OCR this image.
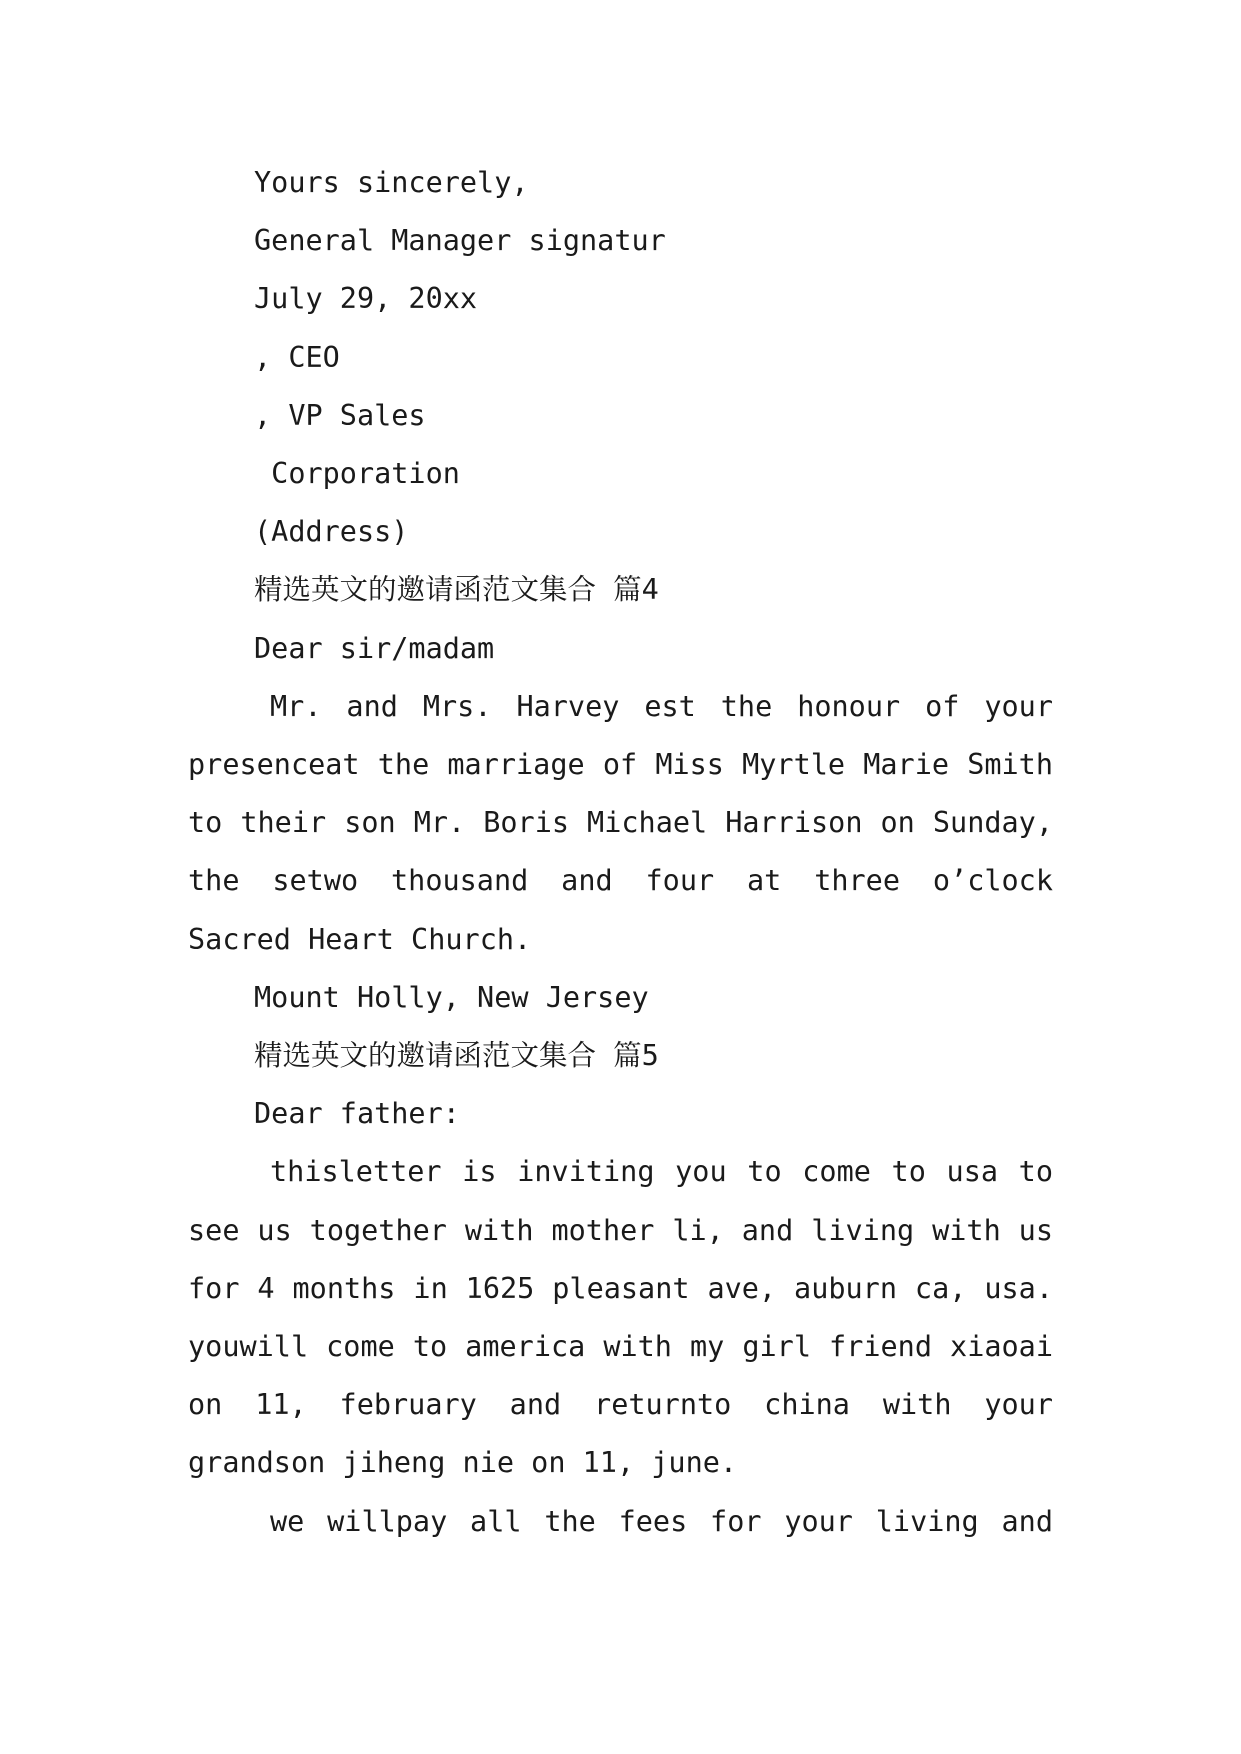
Yours sincerely,
General Manager signatur
July 29, 20xx
, CEO
, VP Sales
Corporation
(Address)
精选英文的邀请函范文集合 篇4
Dear sir/madam
Mr. and Mrs. Harvey est the honour of your presenceat the marriage of Miss Myrtle Marie Smith to their son Mr. Boris Michael Harrison on Sunday, the setwo thousand and four at three o’clock Sacred Heart Church.
Mount Holly, New Jersey
精选英文的邀请函范文集合 篇5
Dear father:
thisletter is inviting you to come to usa to see us together with mother li, and living with us for 4 months in 1625 pleasant ave, auburn ca, usa. youwill come to america with my girl friend xiaoai on 11, february and returnto china with your grandson jiheng nie on 11, june.
we willpay all the fees for your living and
